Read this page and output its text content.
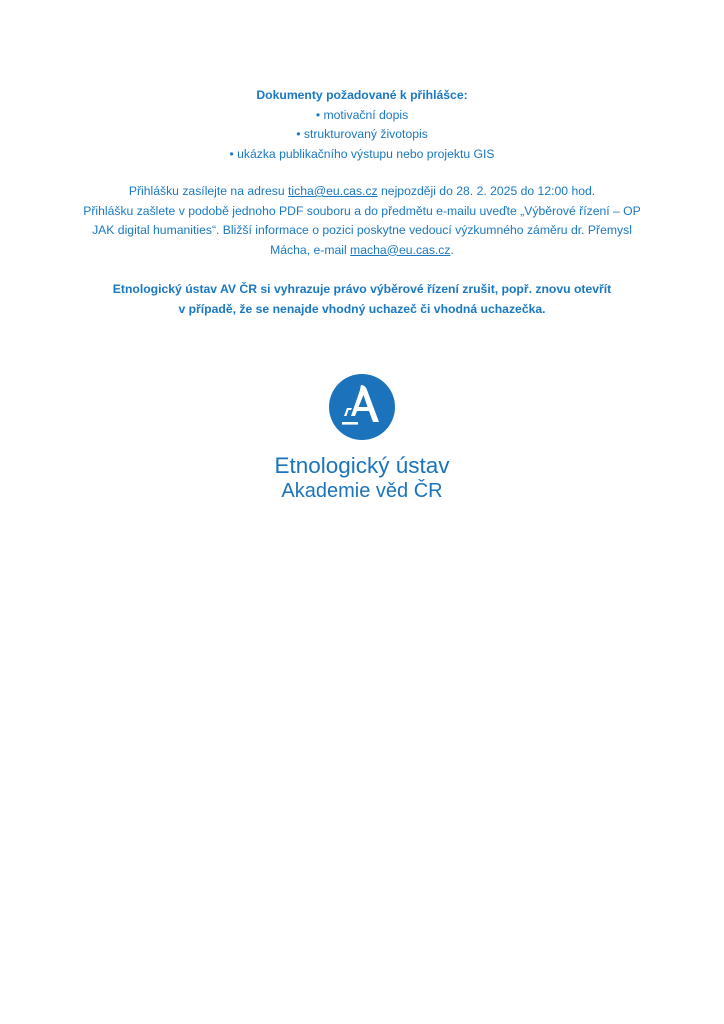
Dokumenty požadované k přihlášce:
• motivační dopis
• strukturovaný životopis
• ukázka publikačního výstupu nebo projektu GIS
Přihlášku zasílejte na adresu ticha@eu.cas.cz nejpozději do 28. 2. 2025 do 12:00 hod.
Přihlášku zašlete v podobě jednoho PDF souboru a do předmětu e-mailu uveďte „Výběrové řízení – OP JAK digital humanities“. Bližší informace o pozici poskytne vedoucí výzkumného záměru dr. Přemysl Mácha, e-mail macha@eu.cas.cz.
Etnologický ústav AV ČR si vyhrazuje právo výběrové řízení zrušit, popř. znovu otevřít
v případě, že se nenajde vhodný uchazeč či vhodná uchazečka.
Etnologický ústav
Akademie věd ČR
